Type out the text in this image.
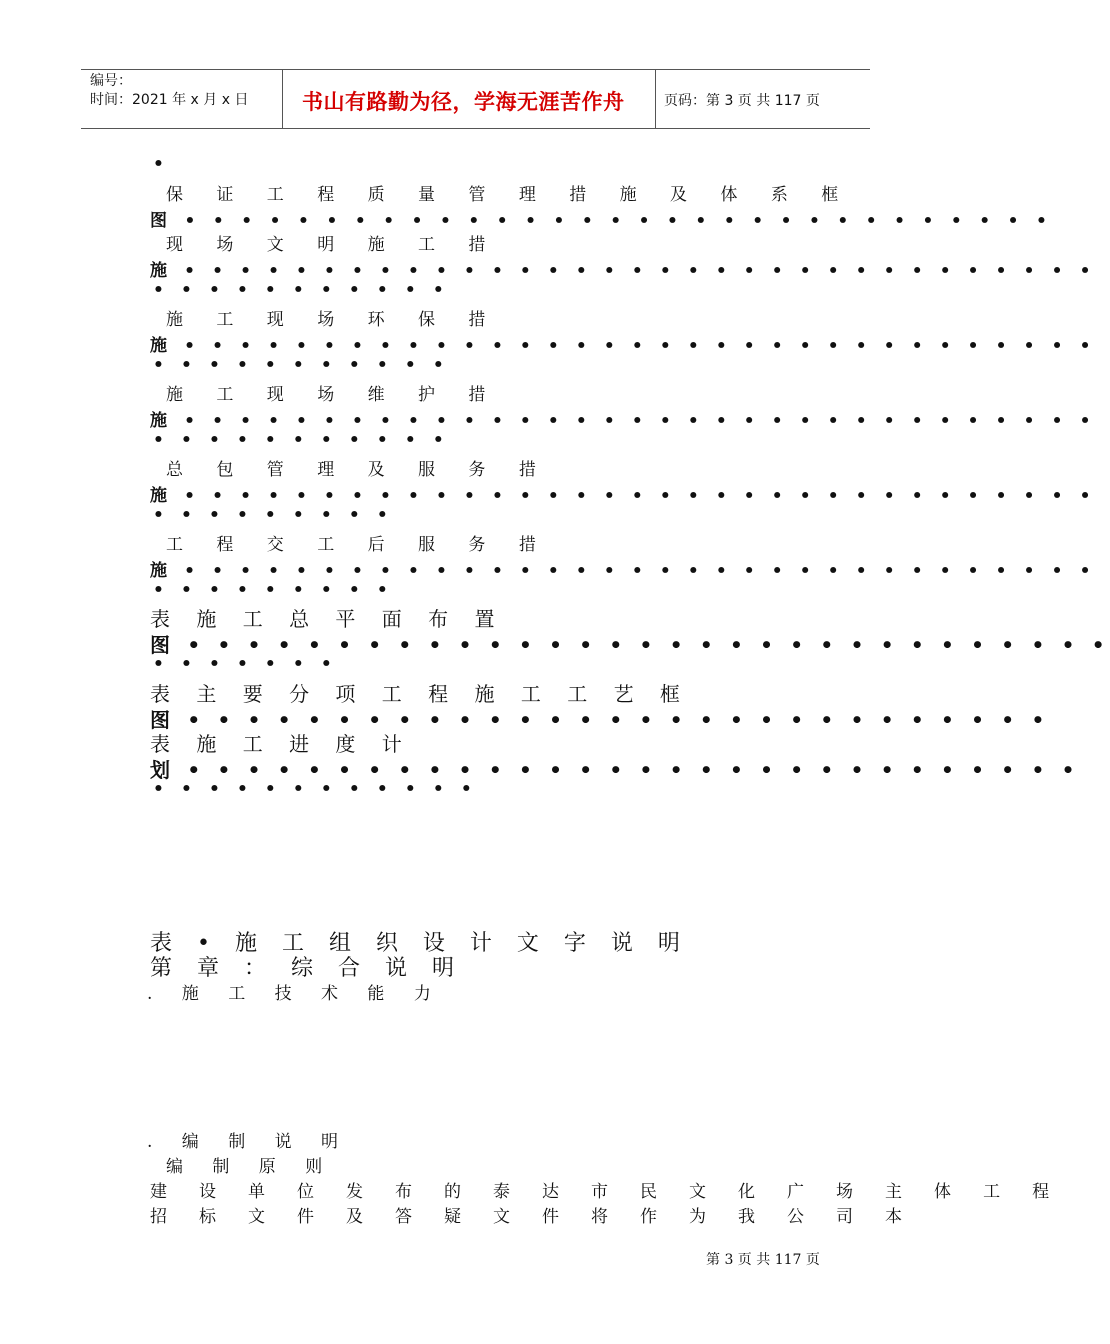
编号：
时间：2021 年 x 月 x 日	书山有路勤为径，学海无涯苦作舟	页码：第 3 页 共 117 页
•
保 证 工 程 质 量 管 理 措 施 及 体 系 框
图 • • • • • • • • • • • • • • • • • • • • • • • • • • • • • • •
现 场 文 明 施 工 措
施 • • • • • • • • • • • • • • • • • • • • • • • • • • • • • • • • •
• • • • • • • • • • •
施 工 现 场 环 保 措
施 • • • • • • • • • • • • • • • • • • • • • • • • • • • • • • • • •
• • • • • • • • • • •
施 工 现 场 维 护 措
施 • • • • • • • • • • • • • • • • • • • • • • • • • • • • • • • • •
• • • • • • • • • • •
总 包 管 理 及 服 务 措
施 • • • • • • • • • • • • • • • • • • • • • • • • • • • • • • • • •
• • • • • • • • •
工 程 交 工 后 服 务 措
施 • • • • • • • • • • • • • • • • • • • • • • • • • • • • • • • • •
• • • • • • • • •
表 施 工 总 平 面 布 置
图 • • • • • • • • • • • • • • • • • • • • • • • • • • • • • • •
• • • • • • •
表 主 要 分 项 工 程 施 工 工 艺 框
图 • • • • • • • • • • • • • • • • • • • • • • • • • • • • •
表 施 工 进 度 计
划 • • • • • • • • • • • • • • • • • • • • • • • • • • • • • •
• • • • • • • • • • • •
表 • 施 工 组 织 设 计 文 字 说 明
第 章 ： 综 合 说 明
. 施 工 技 术 能 力
. 编 制 说 明
编 制 原 则
建 设 单 位 发 布 的 泰 达 市 民 文 化 广 场 主 体 工 程
招 标 文 件 及 答 疑 文 件 将 作 为 我 公 司 本
第 3 页 共 117 页
